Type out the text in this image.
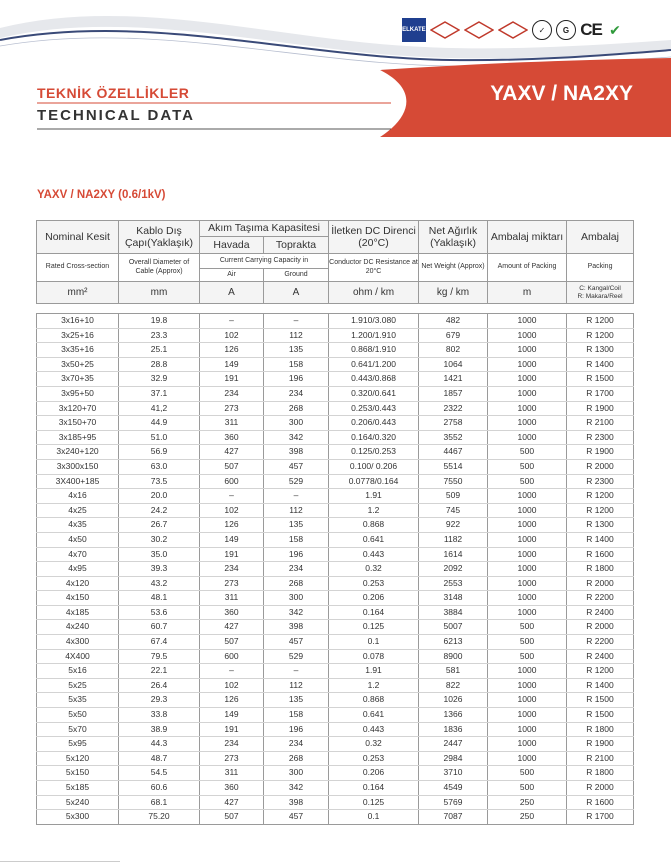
VELKATEK	✓	G CE ✔
TEKNİK ÖZELLİKLER
TECHNICAL DATA
YAXV / NA2XY
YAXV / NA2XY (0.6/1kV)
Nominal Kesit	Kablo Dış Çapı(Yaklaşık)	Akım Taşıma Kapasitesi		İletken DC Direnci (20°C)	Net Ağırlık (Yaklaşık)	Ambalaj miktarı	Ambalaj
		Havada	Toprakta				
Rated Cross-section	Overall Diameter of Cable (Approx)	Current Carrying Capacity in		Conductor DC Resistance at 20°C	Net Weight (Approx)	Amount of Packing	Packing
		Air	Ground				
mm²	mm	A	A	ohm / km	kg / km	m	C: Kangal/Coil
R: Makara/Reel

3x16+10	19.8	–	–	1.910/3.080	482	1000	R 1200
3x25+16	23.3	102	112	1.200/1.910	679	1000	R 1200
3x35+16	25.1	126	135	0.868/1.910	802	1000	R 1300
3x50+25	28.8	149	158	0.641/1.200	1064	1000	R 1400
3x70+35	32.9	191	196	0.443/0.868	1421	1000	R 1500
3x95+50	37.1	234	234	0.320/0.641	1857	1000	R 1700
3x120+70	41,2	273	268	0.253/0.443	2322	1000	R 1900
3x150+70	44.9	311	300	0.206/0.443	2758	1000	R 2100
3x185+95	51.0	360	342	0.164/0.320	3552	1000	R 2300
3x240+120	56.9	427	398	0.125/0.253	4467	500	R 1900
3x300x150	63.0	507	457	0.100/ 0.206	5514	500	R 2000
3X400+185	73.5	600	529	0.0778/0.164	7550	500	R 2300
4x16	20.0	–	–	1.91	509	1000	R 1200
4x25	24.2	102	112	1.2	745	1000	R 1200
4x35	26.7	126	135	0.868	922	1000	R 1300
4x50	30.2	149	158	0.641	1182	1000	R 1400
4x70	35.0	191	196	0.443	1614	1000	R 1600
4x95	39.3	234	234	0.32	2092	1000	R 1800
4x120	43.2	273	268	0.253	2553	1000	R 2000
4x150	48.1	311	300	0.206	3148	1000	R 2200
4x185	53.6	360	342	0.164	3884	1000	R 2400
4x240	60.7	427	398	0.125	5007	500	R 2000
4x300	67.4	507	457	0.1	6213	500	R 2200
4X400	79.5	600	529	0.078	8900	500	R 2400
5x16	22.1	–	–	1.91	581	1000	R 1200
5x25	26.4	102	112	1.2	822	1000	R 1400
5x35	29.3	126	135	0.868	1026	1000	R 1500
5x50	33.8	149	158	0.641	1366	1000	R 1500
5x70	38.9	191	196	0.443	1836	1000	R 1800
5x95	44.3	234	234	0.32	2447	1000	R 1900
5x120	48.7	273	268	0.253	2984	1000	R 2100
5x150	54.5	311	300	0.206	3710	500	R 1800
5x185	60.6	360	342	0.164	4549	500	R 2000
5x240	68.1	427	398	0.125	5769	250	R 1600
5x300	75.20	507	457	0.1	7087	250	R 1700
